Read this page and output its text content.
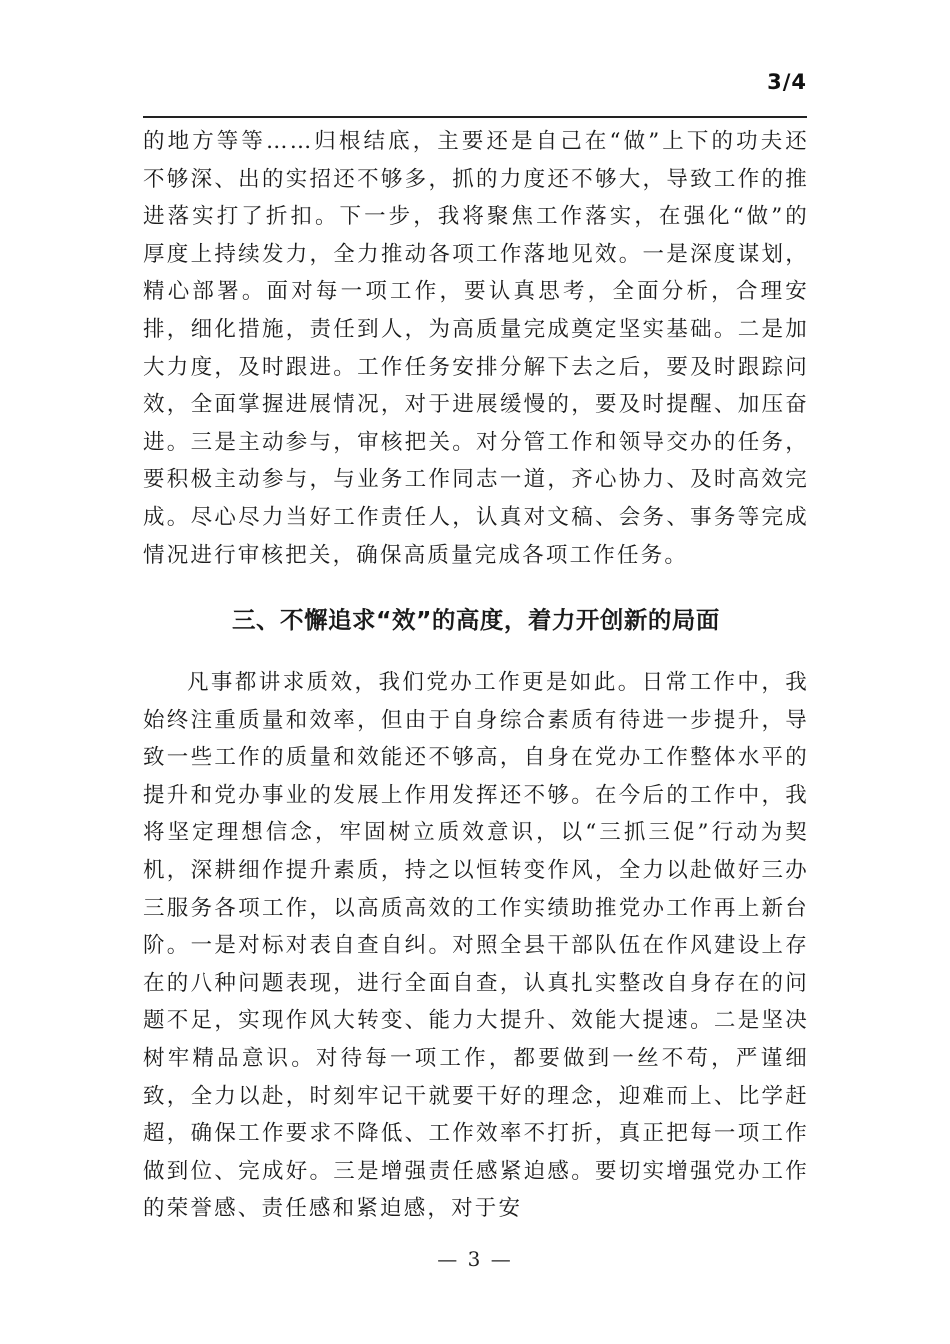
3/4

的地方等等……归根结底，主要还是自己在“做”上下的功夫还不够深、出的实招还不够多，抓的力度还不够大，导致工作的推进落实打了折扣。下一步，我将聚焦工作落实，在强化“做”的厚度上持续发力，全力推动各项工作落地见效。一是深度谋划，精心部署。面对每一项工作，要认真思考，全面分析，合理安排，细化措施，责任到人，为高质量完成奠定坚实基础。二是加大力度，及时跟进。工作任务安排分解下去之后，要及时跟踪问效，全面掌握进展情况，对于进展缓慢的，要及时提醒、加压奋进。三是主动参与，审核把关。对分管工作和领导交办的任务，要积极主动参与，与业务工作同志一道，齐心协力、及时高效完成。尽心尽力当好工作责任人，认真对文稿、会务、事务等完成情况进行审核把关，确保高质量完成各项工作任务。

三、不懈追求“效”的高度，着力开创新的局面

凡事都讲求质效，我们党办工作更是如此。日常工作中，我始终注重质量和效率，但由于自身综合素质有待进一步提升，导致一些工作的质量和效能还不够高，自身在党办工作整体水平的提升和党办事业的发展上作用发挥还不够。在今后的工作中，我将坚定理想信念，牢固树立质效意识，以“三抓三促”行动为契机，深耕细作提升素质，持之以恒转变作风，全力以赴做好三办三服务各项工作，以高质高效的工作实绩助推党办工作再上新台阶。一是对标对表自查自纠。对照全县干部队伍在作风建设上存在的八种问题表现，进行全面自查，认真扎实整改自身存在的问题不足，实现作风大转变、能力大提升、效能大提速。二是坚决树牢精品意识。对待每一项工作，都要做到一丝不苟，严谨细致，全力以赴，时刻牢记干就要干好的理念，迎难而上、比学赶超，确保工作要求不降低、工作效率不打折，真正把每一项工作做到位、完成好。三是增强责任感紧迫感。要切实增强党办工作的荣誉感、责任感和紧迫感，对于安

— 3 —
